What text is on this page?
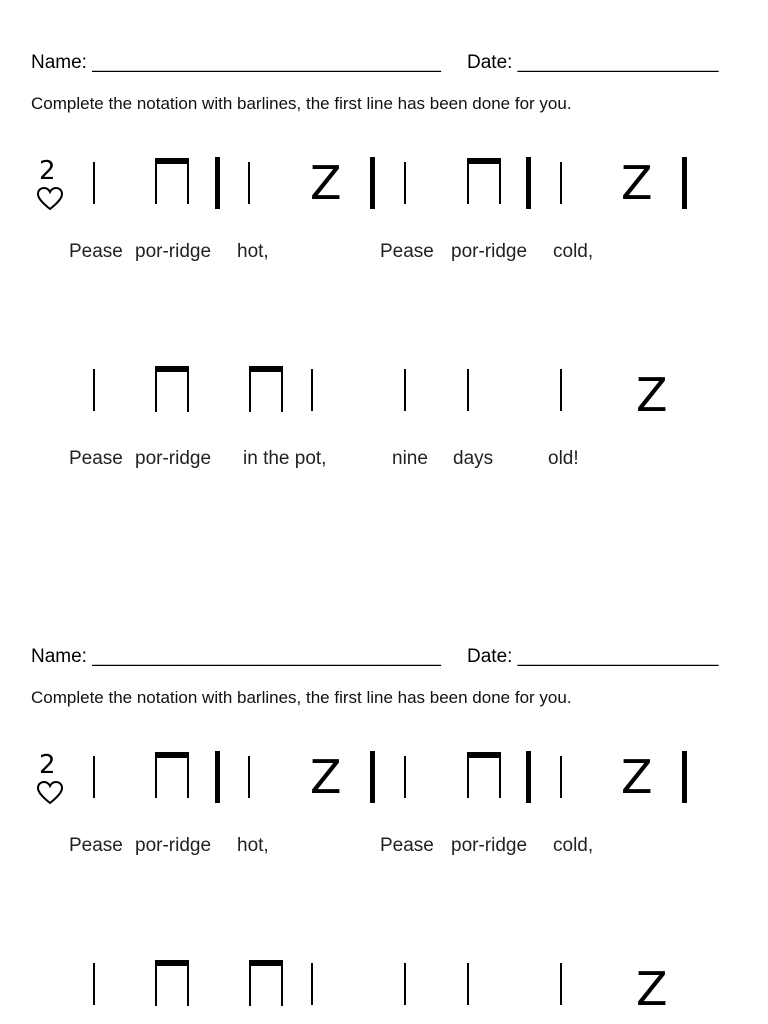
Name: _________________________________ Date: ___________________
Complete the notation with barlines, the first line has been done for you.
2	Z	Z
Pease por-ridge hot,	Pease por-ridge cold,
Z
Pease por-ridge in the pot,	nine days	old!
Name: _________________________________ Date: ___________________
Complete the notation with barlines, the first line has been done for you.
2	Z	Z
Pease por-ridge hot,	Pease por-ridge cold,
Z
